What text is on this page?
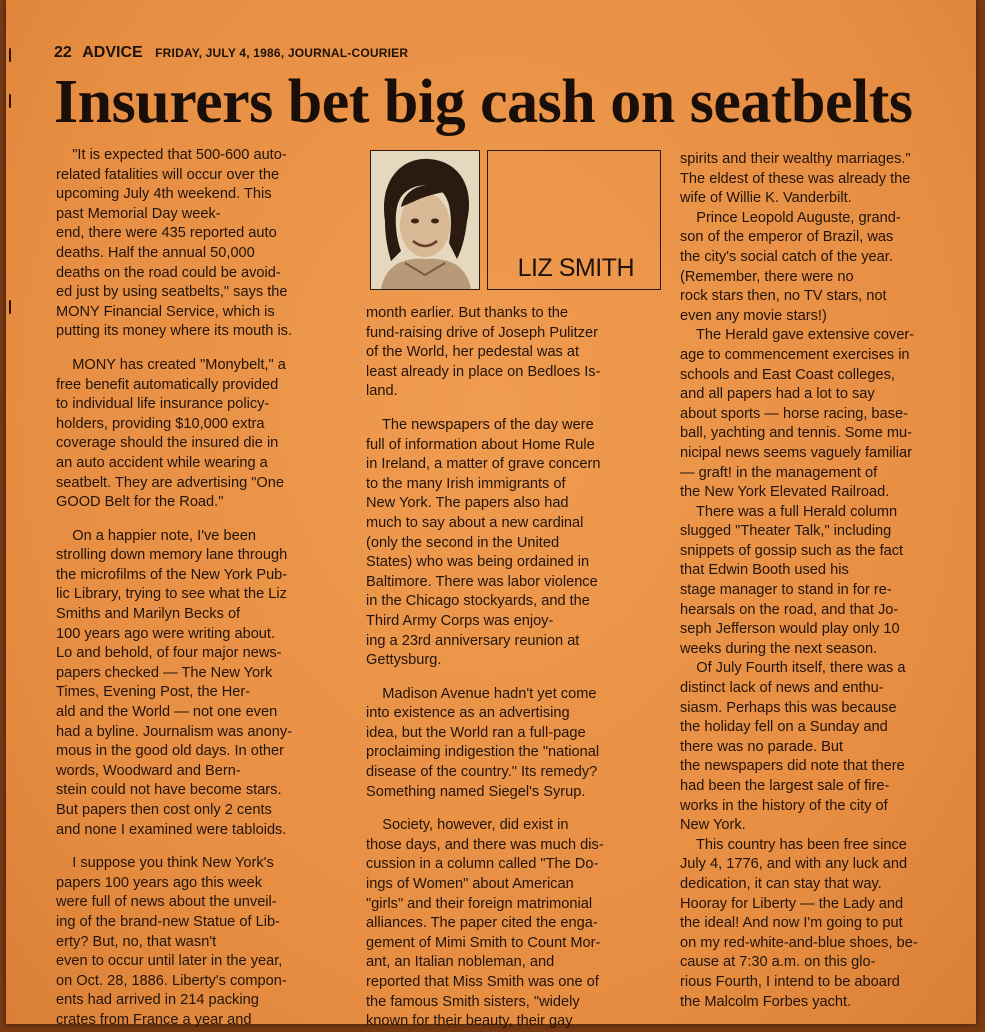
22 ADVICE FRIDAY, JULY 4, 1986, JOURNAL-COURIER
Insurers bet big cash on seatbelts

"It is expected that 500-600 auto-

related fatalities will occur over the

upcoming July 4th weekend. This

past Memorial Day week-

end, there were 435 reported auto

deaths. Half the annual 50,000

deaths on the road could be avoid-

ed just by using seatbelts," says the

MONY Financial Service, which is

putting its money where its mouth is.

MONY has created "Monybelt," a

free benefit automatically provided

to individual life insurance policy-

holders, providing $10,000 extra

coverage should the insured die in

an auto accident while wearing a

seatbelt. They are advertising "One

GOOD Belt for the Road."

On a happier note, I've been

strolling down memory lane through

the microfilms of the New York Pub-

lic Library, trying to see what the Liz

Smiths and Marilyn Becks of

100 years ago were writing about.

Lo and behold, of four major news-

papers checked — The New York

Times, Evening Post, the Her-

ald and the World — not one even

had a byline. Journalism was anony-

mous in the good old days. In other

words, Woodward and Bern-

stein could not have become stars.

But papers then cost only 2 cents

and none I examined were tabloids.

I suppose you think New York's

papers 100 years ago this week

were full of news about the unveil-

ing of the brand-new Statue of Lib-

erty? But, no, that wasn't

even to occur until later in the year,

on Oct. 28, 1886. Liberty's compon-

ents had arrived in 214 packing

crates from France a year and

month earlier. But thanks to the

fund-raising drive of Joseph Pulitzer

of the World, her pedestal was at

least already in place on Bedloes Is-

land.

The newspapers of the day were

full of information about Home Rule

in Ireland, a matter of grave concern

to the many Irish immigrants of

New York. The papers also had

much to say about a new cardinal

(only the second in the United

States) who was being ordained in

Baltimore. There was labor violence

in the Chicago stockyards, and the

Third Army Corps was enjoy-

ing a 23rd anniversary reunion at

Gettysburg.

Madison Avenue hadn't yet come

into existence as an advertising

idea, but the World ran a full-page

proclaiming indigestion the "national

disease of the country." Its remedy?

Something named Siegel's Syrup.

Society, however, did exist in

those days, and there was much dis-

cussion in a column called "The Do-

ings of Women" about American

"girls" and their foreign matrimonial

alliances. The paper cited the enga-

gement of Mimi Smith to Count Mor-

ant, an Italian nobleman, and

reported that Miss Smith was one of

the famous Smith sisters, "widely

known for their beauty, their gay

spirits and their wealthy marriages."

The eldest of these was already the

wife of Willie K. Vanderbilt.

Prince Leopold Auguste, grand-

son of the emperor of Brazil, was

the city's social catch of the year.

(Remember, there were no

rock stars then, no TV stars, not

even any movie stars!)

The Herald gave extensive cover-

age to commencement exercises in

schools and East Coast colleges,

and all papers had a lot to say

about sports — horse racing, base-

ball, yachting and tennis. Some mu-

nicipal news seems vaguely familiar

— graft! in the management of

the New York Elevated Railroad.

There was a full Herald column

slugged "Theater Talk," including

snippets of gossip such as the fact

that Edwin Booth used his

stage manager to stand in for re-

hearsals on the road, and that Jo-

seph Jefferson would play only 10

weeks during the next season.

Of July Fourth itself, there was a

distinct lack of news and enthu-

siasm. Perhaps this was because

the holiday fell on a Sunday and

there was no parade. But

the newspapers did note that there

had been the largest sale of fire-

works in the history of the city of

New York.

This country has been free since

July 4, 1776, and with any luck and

dedication, it can stay that way.

Hooray for Liberty — the Lady and

the ideal! And now I'm going to put

on my red-white-and-blue shoes, be-

cause at 7:30 a.m. on this glo-

rious Fourth, I intend to be aboard

the Malcolm Forbes yacht.

LIZ SMITH
